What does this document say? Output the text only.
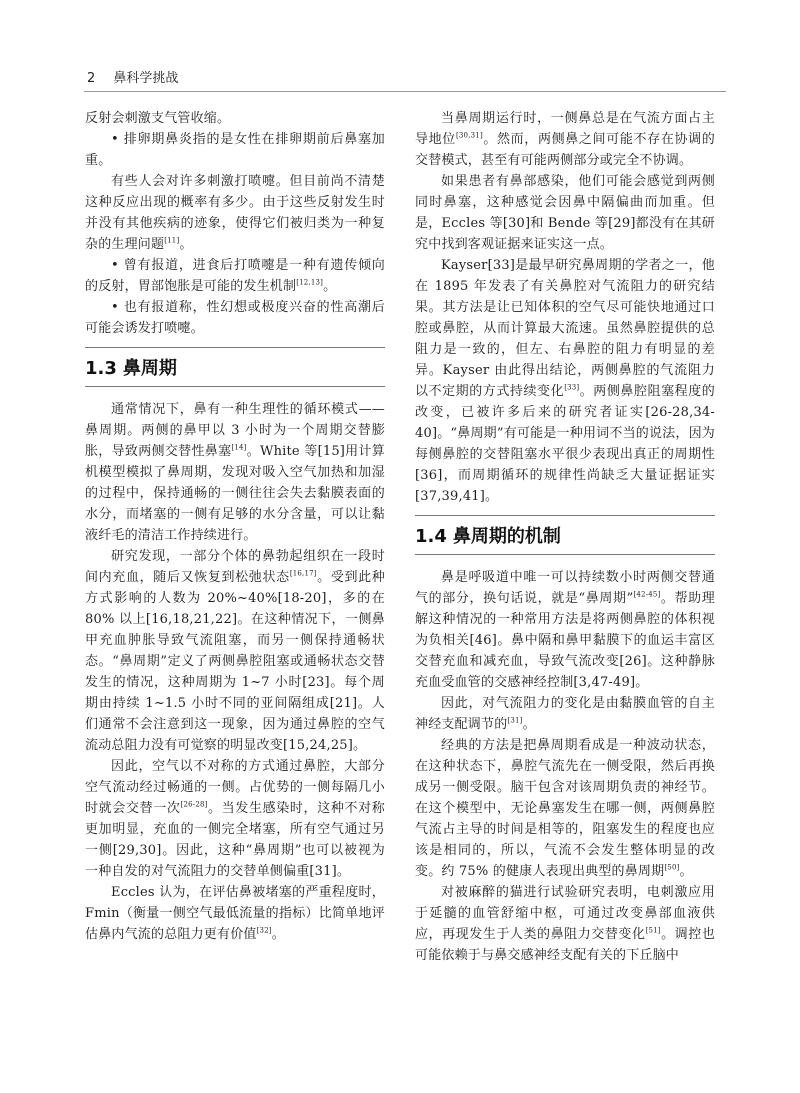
2 鼻科学挑战

反射会刺激支气管收缩。

• 排卵期鼻炎指的是女性在排卵期前后鼻塞加重。

有些人会对许多刺激打喷嚏。但目前尚不清楚这种反应出现的概率有多少。由于这些反射发生时并没有其他疾病的迹象，使得它们被归类为一种复杂的生理问题[11]。

• 曾有报道，进食后打喷嚏是一种有遗传倾向的反射，胃部饱胀是可能的发生机制[12,13]。

• 也有报道称，性幻想或极度兴奋的性高潮后可能会诱发打喷嚏。

1.3 鼻周期

通常情况下，鼻有一种生理性的循环模式——鼻周期。两侧的鼻甲以 3 小时为一个周期交替膨胀，导致两侧交替性鼻塞[14]。White 等[15]用计算机模型模拟了鼻周期，发现对吸入空气加热和加湿的过程中，保持通畅的一侧往往会失去黏膜表面的水分，而堵塞的一侧有足够的水分含量，可以让黏液纤毛的清洁工作持续进行。

研究发现，一部分个体的鼻勃起组织在一段时间内充血，随后又恢复到松弛状态[16,17]。受到此种方式影响的人数为 20%~40%[18-20]，多的在 80% 以上[16,18,21,22]。在这种情况下，一侧鼻甲充血肿胀导致气流阻塞，而另一侧保持通畅状态。“鼻周期”定义了两侧鼻腔阻塞或通畅状态交替发生的情况，这种周期为 1~7 小时[23]。每个周期由持续 1~1.5 小时不同的亚间隔组成[21]。人们通常不会注意到这一现象，因为通过鼻腔的空气流动总阻力没有可觉察的明显改变[15,24,25]。

因此，空气以不对称的方式通过鼻腔，大部分空气流动经过畅通的一侧。占优势的一侧每隔几小时就会交替一次[26-28]。当发生感染时，这种不对称更加明显，充血的一侧完全堵塞，所有空气通过另一侧[29,30]。因此，这种“鼻周期”也可以被视为一种自发的对气流阻力的交替单侧偏重[31]。

Eccles 认为，在评估鼻被堵塞的严重程度时，Fmin（衡量一侧空气最低流量的指标）比简单地评估鼻内气流的总阻力更有价值[32]。

当鼻周期运行时，一侧鼻总是在气流方面占主导地位[30,31]。然而，两侧鼻之间可能不存在协调的交替模式，甚至有可能两侧部分或完全不协调。

如果患者有鼻部感染，他们可能会感觉到两侧同时鼻塞，这种感觉会因鼻中隔偏曲而加重。但是，Eccles 等[30]和 Bende 等[29]都没有在其研究中找到客观证据来证实这一点。

Kayser[33]是最早研究鼻周期的学者之一，他在 1895 年发表了有关鼻腔对气流阻力的研究结果。其方法是让已知体积的空气尽可能快地通过口腔或鼻腔，从而计算最大流速。虽然鼻腔提供的总阻力是一致的，但左、右鼻腔的阻力有明显的差异。Kayser 由此得出结论，两侧鼻腔的气流阻力以不定期的方式持续变化[33]。两侧鼻腔阻塞程度的改变，已被许多后来的研究者证实[26-28,34-40]。“鼻周期”有可能是一种用词不当的说法，因为每侧鼻腔的交替阻塞水平很少表现出真正的周期性[36]，而周期循环的规律性尚缺乏大量证据证实[37,39,41]。

1.4 鼻周期的机制

鼻是呼吸道中唯一可以持续数小时两侧交替通气的部分，换句话说，就是“鼻周期”[42-45]。帮助理解这种情况的一种常用方法是将两侧鼻腔的体积视为负相关[46]。鼻中隔和鼻甲黏膜下的血运丰富区交替充血和减充血，导致气流改变[26]。这种静脉充血受血管的交感神经控制[3,47-49]。

因此，对气流阻力的变化是由黏膜血管的自主神经支配调节的[31]。

经典的方法是把鼻周期看成是一种波动状态，在这种状态下，鼻腔气流先在一侧受限，然后再换成另一侧受限。脑干包含对该周期负责的神经节。在这个模型中，无论鼻塞发生在哪一侧，两侧鼻腔气流占主导的时间是相等的，阻塞发生的程度也应该是相同的，所以，气流不会发生整体明显的改变。约 75% 的健康人表现出典型的鼻周期[50]。

对被麻醉的猫进行试验研究表明，电刺激应用于延髓的血管舒缩中枢，可通过改变鼻部血液供应，再现发生于人类的鼻阻力交替变化[51]。调控也可能依赖于与鼻交感神经支配有关的下丘脑中
